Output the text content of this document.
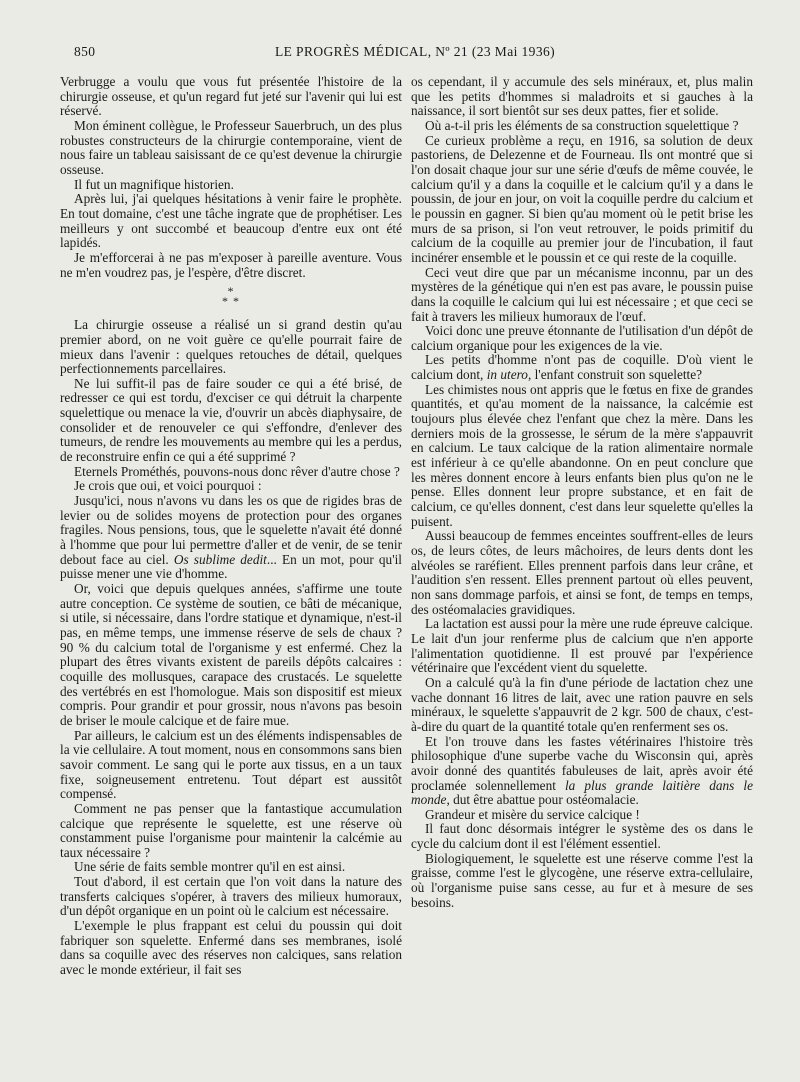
850	LE PROGRÈS MÉDICAL, Nº 21 (23 Mai 1936)

Verbrugge a voulu que vous fut présentée l'histoire de la chirurgie osseuse, et qu'un regard fut jeté sur l'avenir qui lui est réservé.

Mon éminent collègue, le Professeur Sauerbruch, un des plus robustes constructeurs de la chirurgie contemporaine, vient de nous faire un tableau saisissant de ce qu'est devenue la chirurgie osseuse.

Il fut un magnifique historien.

Après lui, j'ai quelques hésitations à venir faire le prophète. En tout domaine, c'est une tâche ingrate que de prophétiser. Les meilleurs y ont succombé et beaucoup d'entre eux ont été lapidés.

Je m'efforcerai à ne pas m'exposer à pareille aventure. Vous ne m'en voudrez pas, je l'espère, d'être discret.

*
* *

La chirurgie osseuse a réalisé un si grand destin qu'au premier abord, on ne voit guère ce qu'elle pourrait faire de mieux dans l'avenir : quelques retouches de détail, quelques perfectionnements parcellaires.

Ne lui suffit-il pas de faire souder ce qui a été brisé, de redresser ce qui est tordu, d'exciser ce qui détruit la charpente squelettique ou menace la vie, d'ouvrir un abcès diaphysaire, de consolider et de renouveler ce qui s'effondre, d'enlever des tumeurs, de rendre les mouvements au membre qui les a perdus, de reconstruire enfin ce qui a été supprimé ?

Eternels Prométhés, pouvons-nous donc rêver d'autre chose ?

Je crois que oui, et voici pourquoi :

Jusqu'ici, nous n'avons vu dans les os que de rigides bras de levier ou de solides moyens de protection pour des organes fragiles. Nous pensions, tous, que le squelette n'avait été donné à l'homme que pour lui permettre d'aller et de venir, de se tenir debout face au ciel. Os sublime dedit... En un mot, pour qu'il puisse mener une vie d'homme.

Or, voici que depuis quelques années, s'affirme une toute autre conception. Ce système de soutien, ce bâti de mécanique, si utile, si nécessaire, dans l'ordre statique et dynamique, n'est-il pas, en même temps, une immense réserve de sels de chaux ? 90 % du calcium total de l'organisme y est enfermé. Chez la plupart des êtres vivants existent de pareils dépôts calcaires : coquille des mollusques, carapace des crustacés. Le squelette des vertébrés en est l'homologue. Mais son dispositif est mieux compris. Pour grandir et pour grossir, nous n'avons pas besoin de briser le moule calcique et de faire mue.

Par ailleurs, le calcium est un des éléments indispensables de la vie cellulaire. A tout moment, nous en consommons sans bien savoir comment. Le sang qui le porte aux tissus, en a un taux fixe, soigneusement entretenu. Tout départ est aussitôt compensé.

Comment ne pas penser que la fantastique accumulation calcique que représente le squelette, est une réserve où constamment puise l'organisme pour maintenir la calcémie au taux nécessaire ?

Une série de faits semble montrer qu'il en est ainsi.

Tout d'abord, il est certain que l'on voit dans la nature des transferts calciques s'opérer, à travers des milieux humoraux, d'un dépôt organique en un point où le calcium est nécessaire.

L'exemple le plus frappant est celui du poussin qui doit fabriquer son squelette. Enfermé dans ses membranes, isolé dans sa coquille avec des réserves non calciques, sans relation avec le monde extérieur, il fait ses

os cependant, il y accumule des sels minéraux, et, plus malin que les petits d'hommes si maladroits et si gauches à la naissance, il sort bientôt sur ses deux pattes, fier et solide.

Où a-t-il pris les éléments de sa construction squelettique ?

Ce curieux problème a reçu, en 1916, sa solution de deux pastoriens, de Delezenne et de Fourneau. Ils ont montré que si l'on dosait chaque jour sur une série d'œufs de même couvée, le calcium qu'il y a dans la coquille et le calcium qu'il y a dans le poussin, de jour en jour, on voit la coquille perdre du calcium et le poussin en gagner. Si bien qu'au moment où le petit brise les murs de sa prison, si l'on veut retrouver, le poids primitif du calcium de la coquille au premier jour de l'incubation, il faut incinérer ensemble et le poussin et ce qui reste de la coquille.

Ceci veut dire que par un mécanisme inconnu, par un des mystères de la génétique qui n'en est pas avare, le poussin puise dans la coquille le calcium qui lui est nécessaire ; et que ceci se fait à travers les milieux humoraux de l'œuf.

Voici donc une preuve étonnante de l'utilisation d'un dépôt de calcium organique pour les exigences de la vie.

Les petits d'homme n'ont pas de coquille. D'où vient le calcium dont, in utero, l'enfant construit son squelette?

Les chimistes nous ont appris que le fœtus en fixe de grandes quantités, et qu'au moment de la naissance, la calcémie est toujours plus élevée chez l'enfant que chez la mère. Dans les derniers mois de la grossesse, le sérum de la mère s'appauvrit en calcium. Le taux calcique de la ration alimentaire normale est inférieur à ce qu'elle abandonne. On en peut conclure que les mères donnent encore à leurs enfants bien plus qu'on ne le pense. Elles donnent leur propre substance, et en fait de calcium, ce qu'elles donnent, c'est dans leur squelette qu'elles la puisent.

Aussi beaucoup de femmes enceintes souffrent-elles de leurs os, de leurs côtes, de leurs mâchoires, de leurs dents dont les alvéoles se raréfient. Elles prennent parfois dans leur crâne, et l'audition s'en ressent. Elles prennent partout où elles peuvent, non sans dommage parfois, et ainsi se font, de temps en temps, des ostéomalacies gravidiques.

La lactation est aussi pour la mère une rude épreuve calcique. Le lait d'un jour renferme plus de calcium que n'en apporte l'alimentation quotidienne. Il est prouvé par l'expérience vétérinaire que l'excédent vient du squelette.

On a calculé qu'à la fin d'une période de lactation chez une vache donnant 16 litres de lait, avec une ration pauvre en sels minéraux, le squelette s'appauvrit de 2 kgr. 500 de chaux, c'est-à-dire du quart de la quantité totale qu'en renferment ses os.

Et l'on trouve dans les fastes vétérinaires l'histoire très philosophique d'une superbe vache du Wisconsin qui, après avoir donné des quantités fabuleuses de lait, après avoir été proclamée solennellement la plus grande laitière dans le monde, dut être abattue pour ostéomalacie.

Grandeur et misère du service calcique !

Il faut donc désormais intégrer le système des os dans le cycle du calcium dont il est l'élément essentiel.

Biologiquement, le squelette est une réserve comme l'est la graisse, comme l'est le glycogène, une réserve extra-cellulaire, où l'organisme puise sans cesse, au fur et à mesure de ses besoins.
